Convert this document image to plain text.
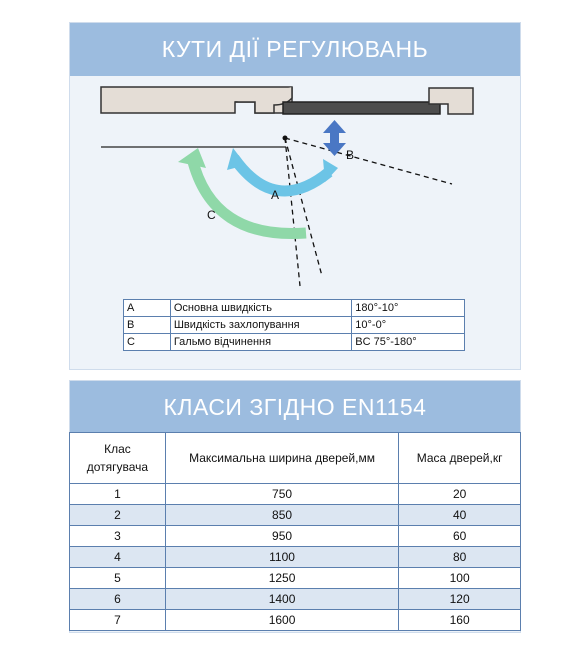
КУТИ ДІЇ РЕГУЛЮВАНЬ
A
B
C
A	Основна швидкість	180°-10°
B	Швидкість захлопування	10°-0°
C	Гальмо відчинення	BC 75°-180°
КЛАСИ ЗГІДНО EN1154
Клас
дотягувача	Максимальна ширина дверей,мм	Маса дверей,кг
1	750	20
2	850	40
3	950	60
4	1100	80
5	1250	100
6	1400	120
7	1600	160
